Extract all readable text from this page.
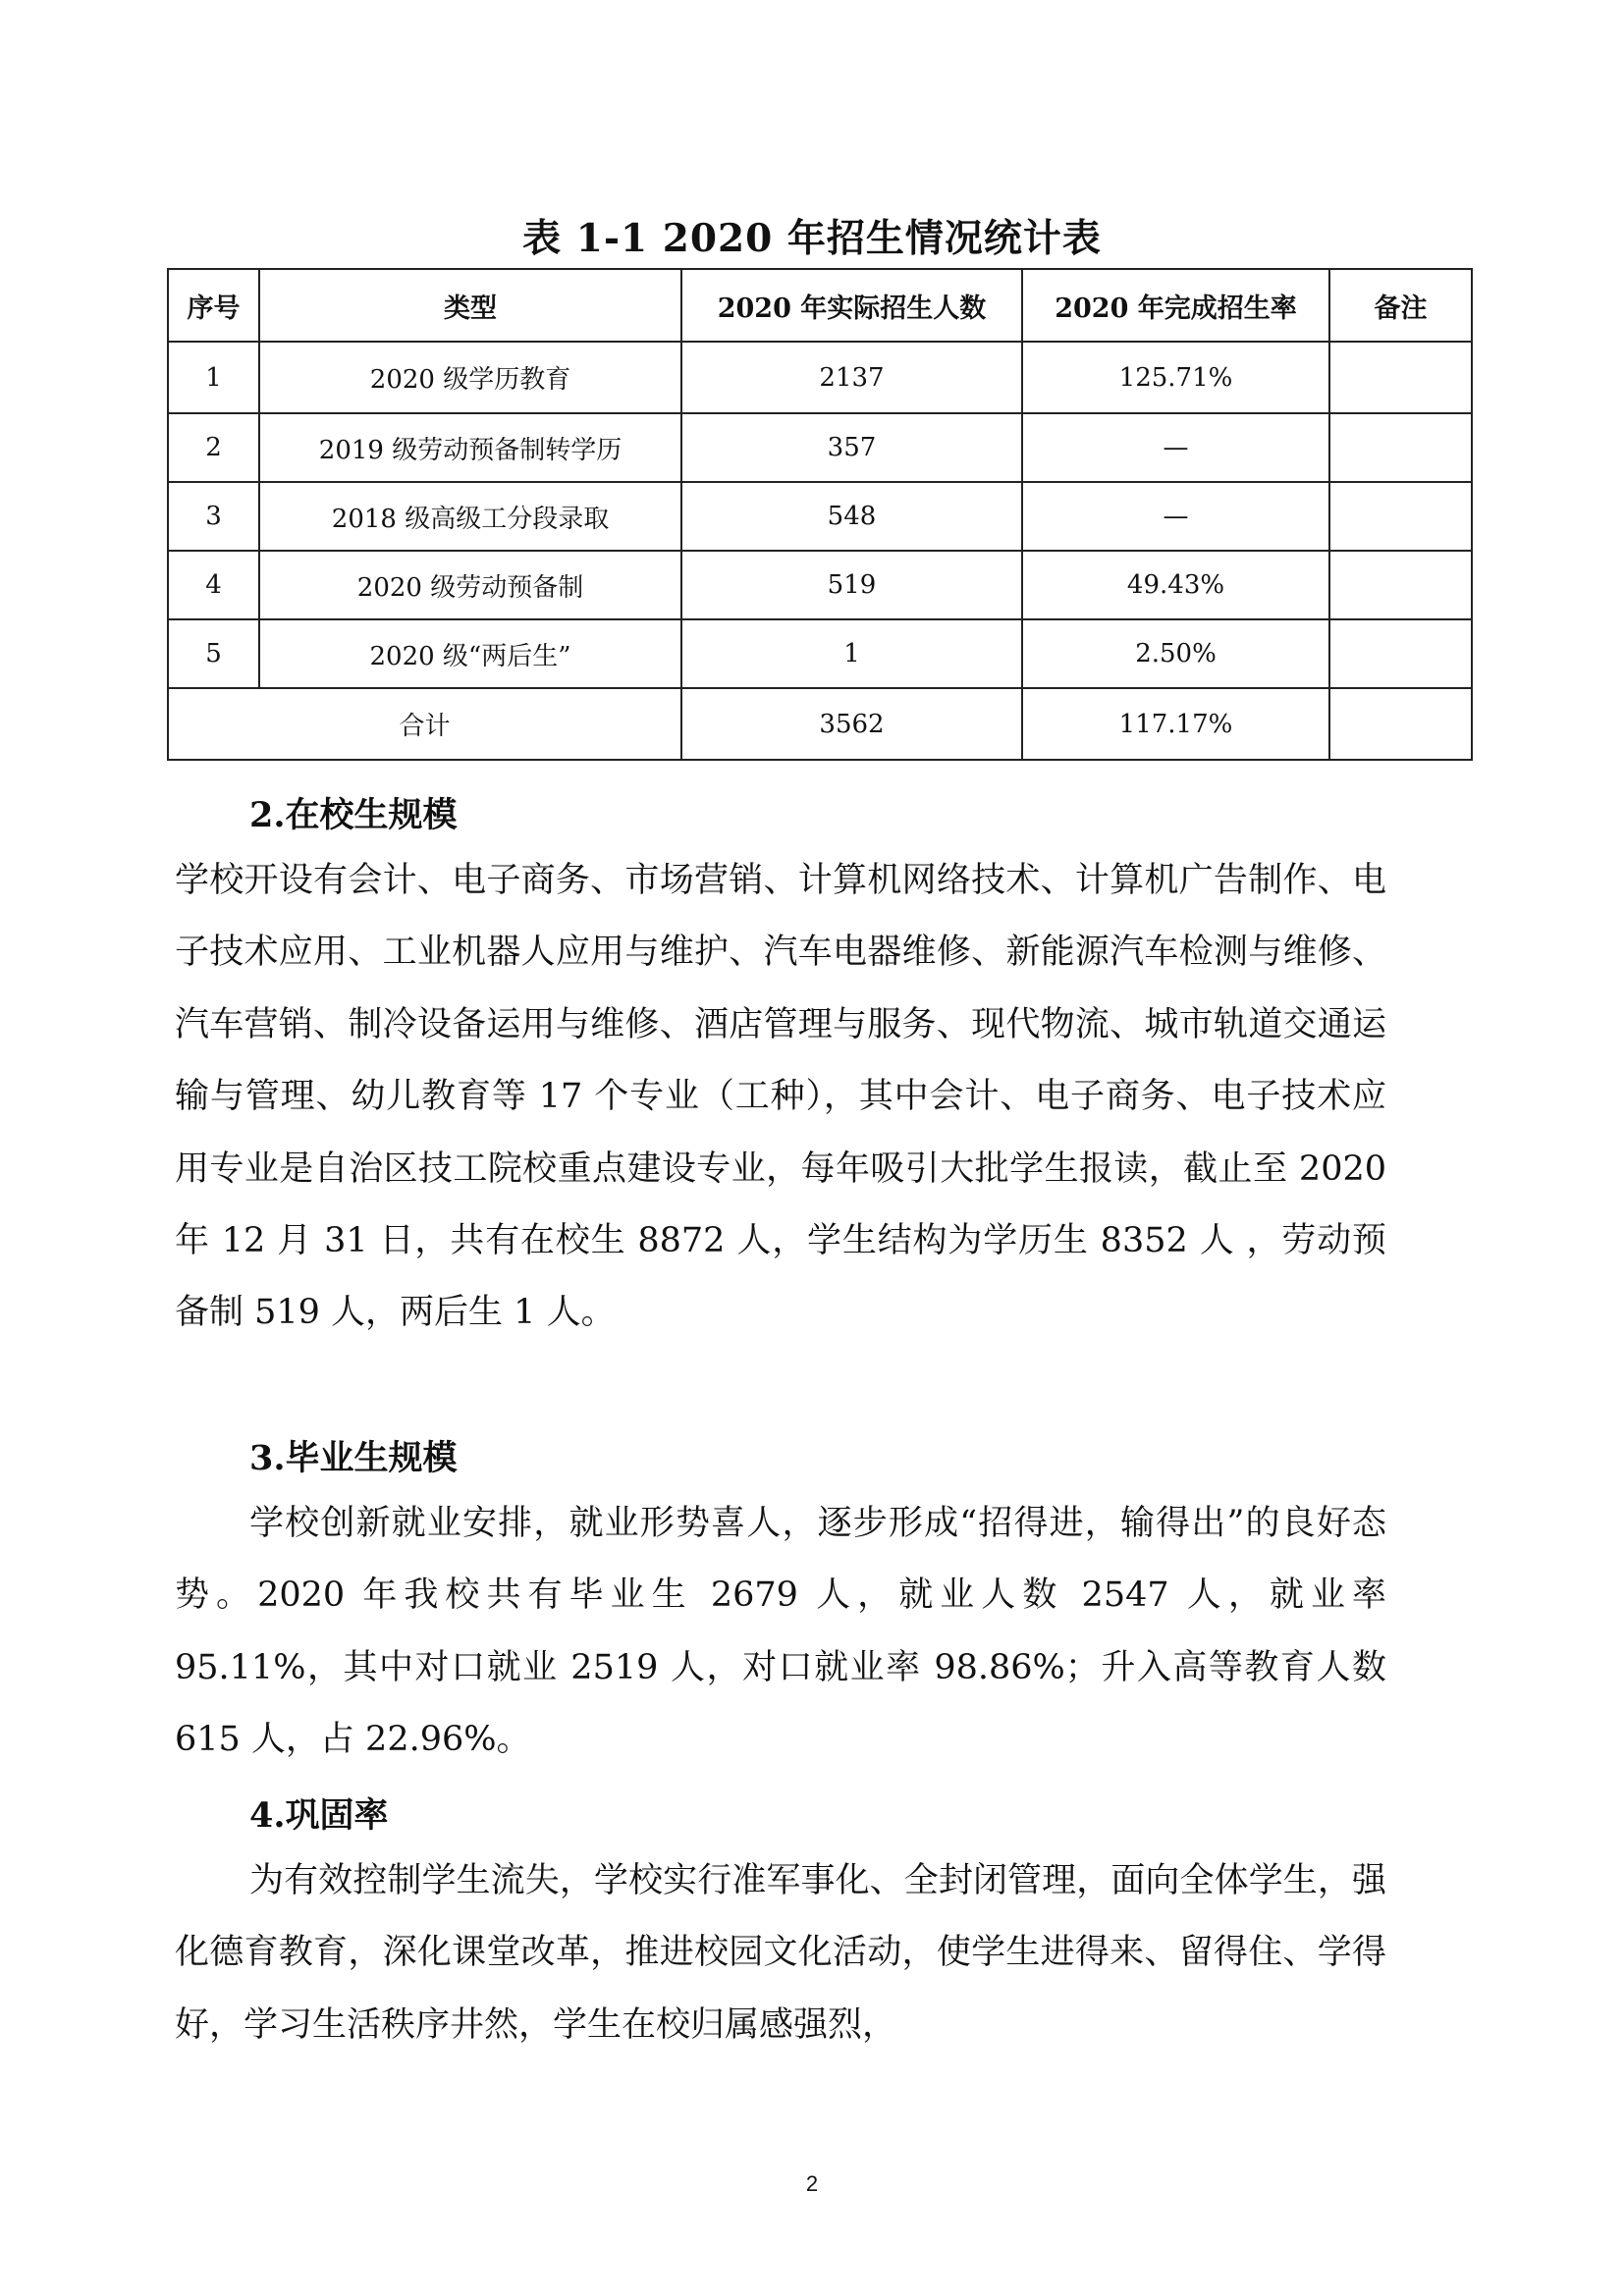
表 1-1 2020 年招生情况统计表
序号	类型	2020 年实际招生人数	2020 年完成招生率	备注
1	2020 级学历教育	2137	125.71%	
2	2019 级劳动预备制转学历	357	—	
3	2018 级高级工分段录取	548	—	
4	2020 级劳动预备制	519	49.43%	
5	2020 级“两后生”	1	2.50%	
合计		3562	117.17%	
2.在校生规模
学校开设有会计、电子商务、市场营销、计算机网络技术、计算机广告制作、电子技术应用、工业机器人应用与维护、汽车电器维修、新能源汽车检测与维修、汽车营销、制冷设备运用与维修、酒店管理与服务、现代物流、城市轨道交通运输与管理、幼儿教育等 17 个专业（工种），其中会计、电子商务、电子技术应用专业是自治区技工院校重点建设专业，每年吸引大批学生报读，截止至 2020 年 12 月 31 日，共有在校生 8872 人，学生结构为学历生 8352 人 ，劳动预备制 519 人，两后生 1 人。
3.毕业生规模
学校创新就业安排，就业形势喜人，逐步形成“招得进，输得出”的良好态势。2020 年我校共有毕业生 2679 人，就业人数 2547 人，就业率 95.11%，其中对口就业 2519 人，对口就业率 98.86%；升入高等教育人数 615 人，占 22.96%。
4.巩固率
为有效控制学生流失，学校实行准军事化、全封闭管理，面向全体学生，强化德育教育，深化课堂改革，推进校园文化活动，使学生进得来、留得住、学得好，学习生活秩序井然，学生在校归属感强烈，
2
